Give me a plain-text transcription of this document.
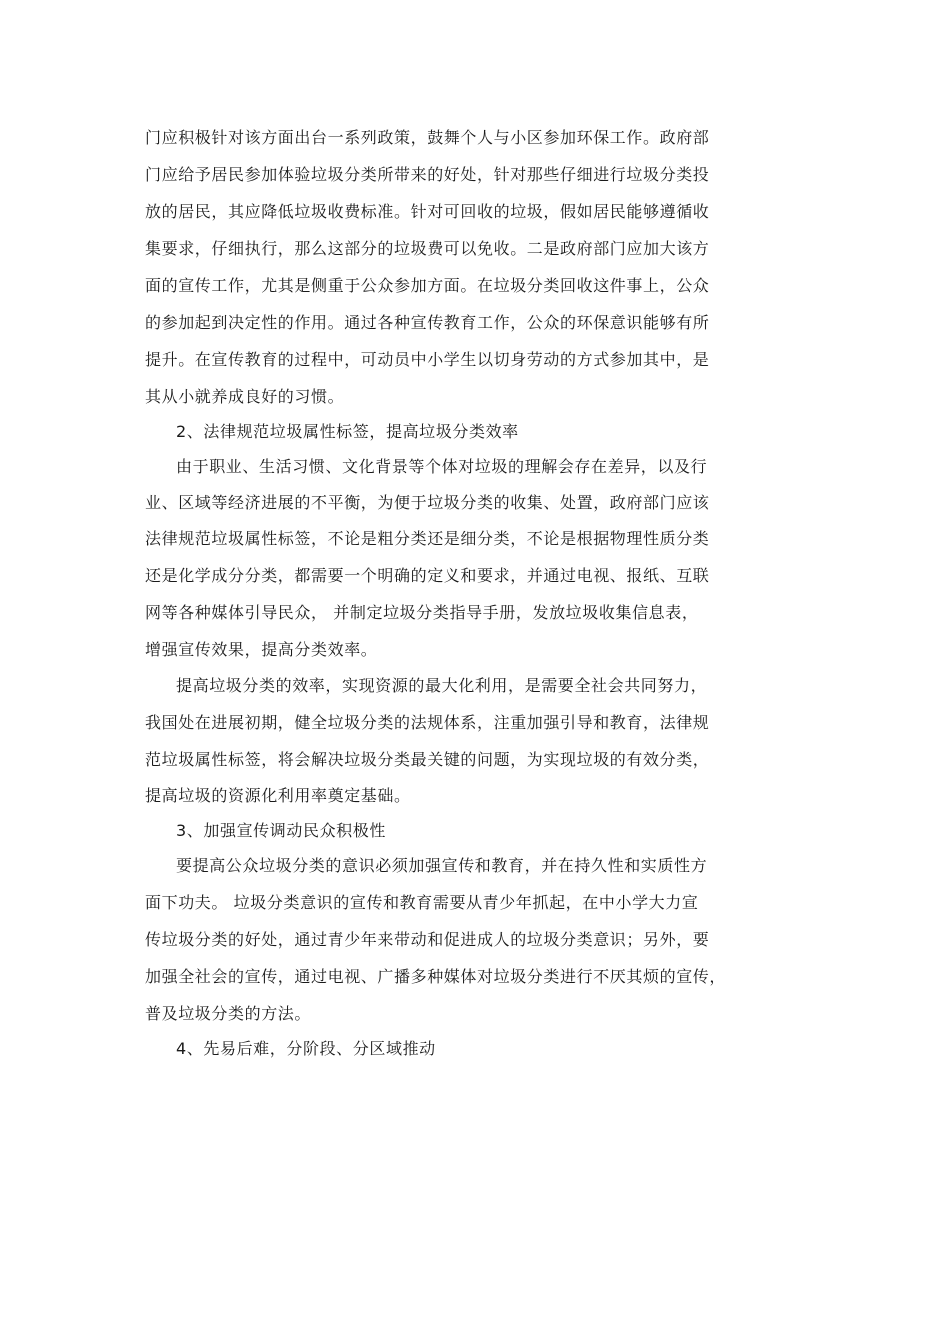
门应积极针对该方面出台一系列政策，鼓舞个人与小区参加环保工作。政府部
门应给予居民参加体验垃圾分类所带来的好处，针对那些仔细进行垃圾分类投
放的居民，其应降低垃圾收费标准。针对可回收的垃圾，假如居民能够遵循收
集要求，仔细执行，那么这部分的垃圾费可以免收。二是政府部门应加大该方
面的宣传工作，尤其是侧重于公众参加方面。在垃圾分类回收这件事上，公众
的参加起到决定性的作用。通过各种宣传教育工作，公众的环保意识能够有所
提升。在宣传教育的过程中，可动员中小学生以切身劳动的方式参加其中，是
其从小就养成良好的习惯。
2、法律规范垃圾属性标签，提高垃圾分类效率
由于职业、生活习惯、文化背景等个体对垃圾的理解会存在差异，以及行
业、区域等经济进展的不平衡，为便于垃圾分类的收集、处置，政府部门应该
法律规范垃圾属性标签，不论是粗分类还是细分类，不论是根据物理性质分类
还是化学成分分类，都需要一个明确的定义和要求，并通过电视、报纸、互联
网等各种媒体引导民众， 并制定垃圾分类指导手册，发放垃圾收集信息表，
增强宣传效果，提高分类效率。
提高垃圾分类的效率，实现资源的最大化利用，是需要全社会共同努力，
我国处在进展初期，健全垃圾分类的法规体系，注重加强引导和教育，法律规
范垃圾属性标签，将会解决垃圾分类最关键的问题，为实现垃圾的有效分类，
提高垃圾的资源化利用率奠定基础。
3、加强宣传调动民众积极性
要提高公众垃圾分类的意识必须加强宣传和教育，并在持久性和实质性方
面下功夫。 垃圾分类意识的宣传和教育需要从青少年抓起，在中小学大力宣
传垃圾分类的好处，通过青少年来带动和促进成人的垃圾分类意识；另外，要
加强全社会的宣传，通过电视、广播多种媒体对垃圾分类进行不厌其烦的宣传，
普及垃圾分类的方法。
4、先易后难，分阶段、分区域推动
